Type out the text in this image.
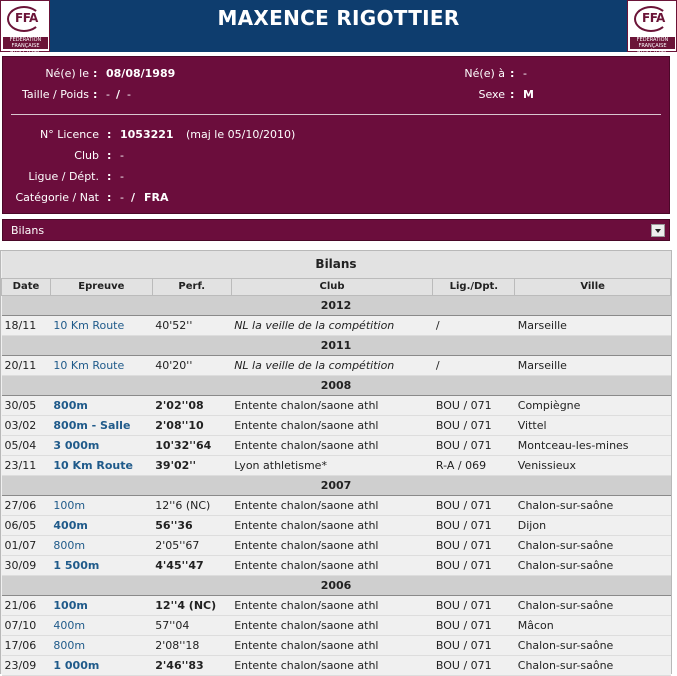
FFA
FÉDÉRATION FRANÇAISE ATHLÉTISME
MAXENCE RIGOTTIER	FFA
FÉDÉRATION FRANÇAISE ATHLÉTISME
Né(e) le : 08/08/1989	Né(e) à : -
Taille / Poids : - / -	Sexe : M
N° Licence : 1053221 (maj le 05/10/2010)
Club : -
Ligue / Dépt. : -
Catégorie / Nat : - / FRA
Bilans
Bilans					
Date	Epreuve	Perf.	Club	Lig./Dpt.	Ville
2012					
18/11	10 Km Route	40'52''	NL la veille de la compétition	/	Marseille
2011					
20/11	10 Km Route	40'20''	NL la veille de la compétition	/	Marseille
2008					
30/05	800m	2'02''08	Entente chalon/saone athl	BOU / 071	Compiègne
03/02	800m - Salle	2'08''10	Entente chalon/saone athl	BOU / 071	Vittel
05/04	3 000m	10'32''64	Entente chalon/saone athl	BOU / 071	Montceau-les-mines
23/11	10 Km Route	39'02''	Lyon athletisme*	R-A / 069	Venissieux
2007					
27/06	100m	12''6 (NC)	Entente chalon/saone athl	BOU / 071	Chalon-sur-saône
06/05	400m	56''36	Entente chalon/saone athl	BOU / 071	Dijon
01/07	800m	2'05''67	Entente chalon/saone athl	BOU / 071	Chalon-sur-saône
30/09	1 500m	4'45''47	Entente chalon/saone athl	BOU / 071	Chalon-sur-saône
2006					
21/06	100m	12''4 (NC)	Entente chalon/saone athl	BOU / 071	Chalon-sur-saône
07/10	400m	57''04	Entente chalon/saone athl	BOU / 071	Mâcon
17/06	800m	2'08''18	Entente chalon/saone athl	BOU / 071	Chalon-sur-saône
23/09	1 000m	2'46''83	Entente chalon/saone athl	BOU / 071	Chalon-sur-saône
